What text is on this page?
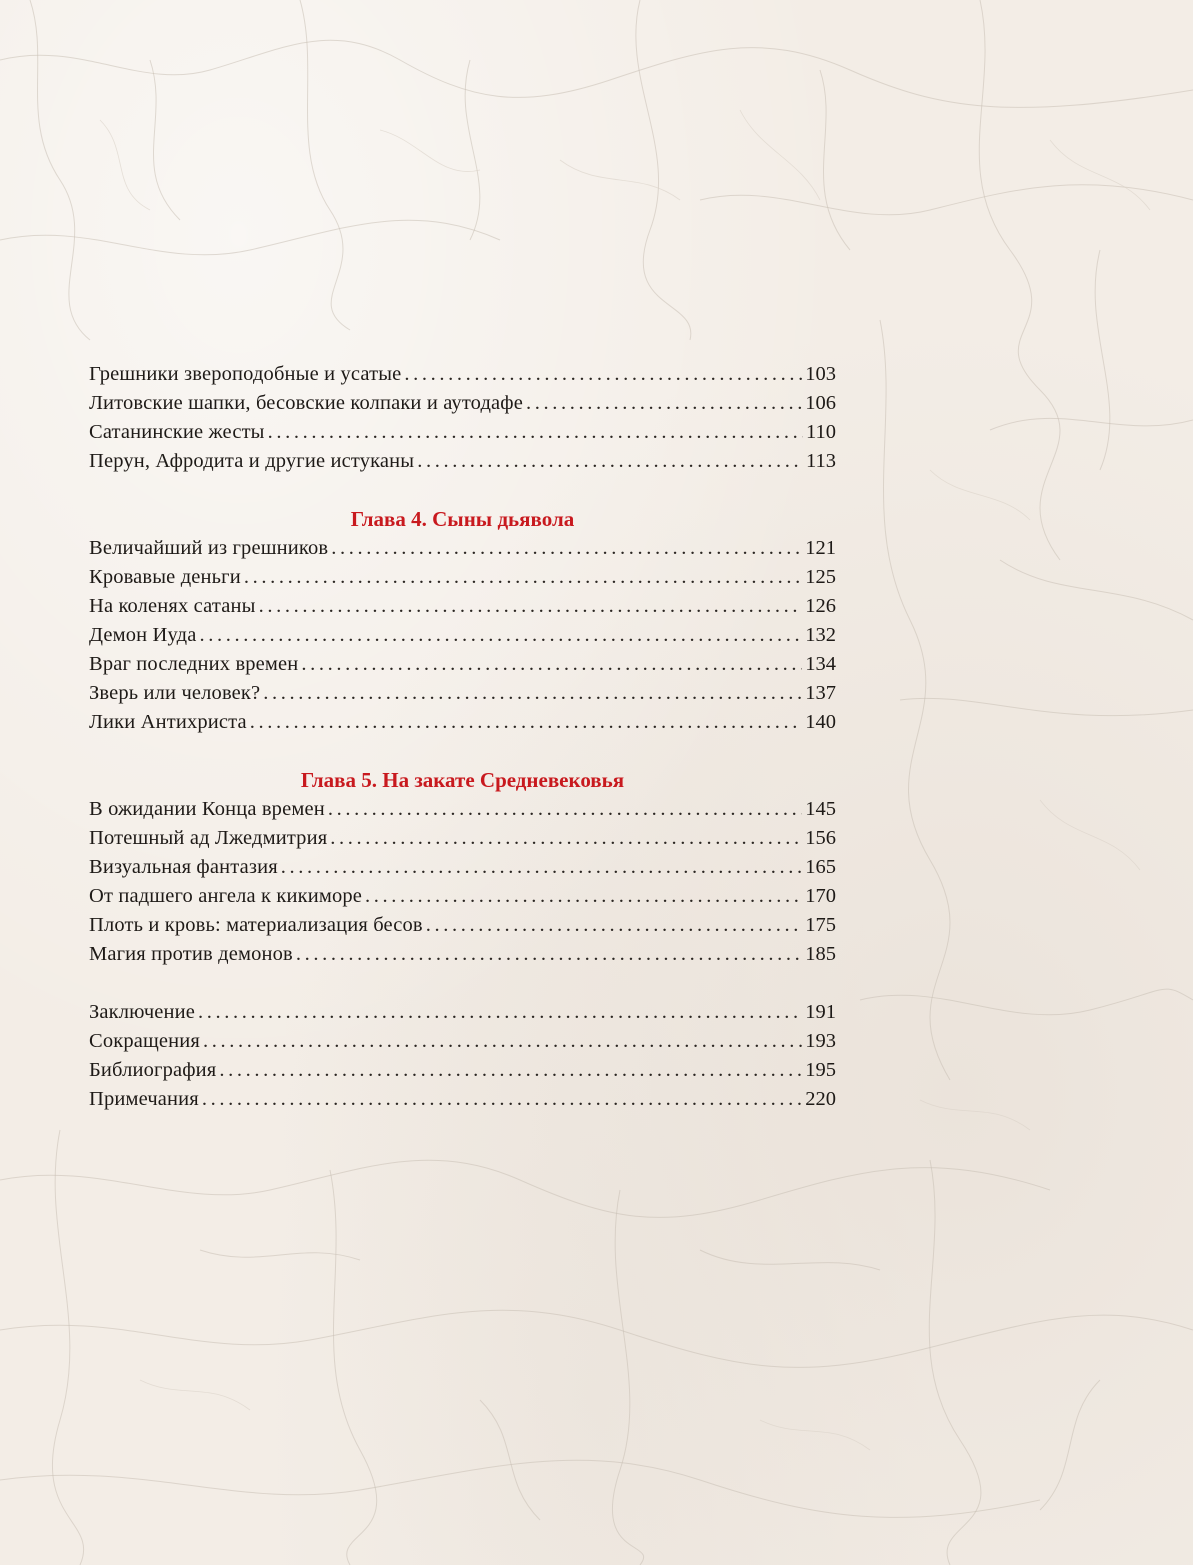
Грешники звероподобные и усатые . . .	103
Литовские шапки, бесовские колпаки и аутодафе . . .	106
Сатанинские жесты . . .	110
Перун, Афродита и другие истуканы . . .	113
Глава 4. Сыны дьявола
Величайший из грешников . . .	121
Кровавые деньги . . .	125
На коленях сатаны . . .	126
Демон Иуда . . .	132
Враг последних времен . . .	134
Зверь или человек? . . .	137
Лики Антихриста . . .	140
Глава 5. На закате Средневековья
В ожидании Конца времен . . .	145
Потешный ад Лжедмитрия . . .	156
Визуальная фантазия . . .	165
От падшего ангела к кикиморе . . .	170
Плоть и кровь: материализация бесов . . .	175
Магия против демонов . . .	185
Заключение . . .	191
Сокращения . . .	193
Библиография . . .	195
Примечания . . .	220
